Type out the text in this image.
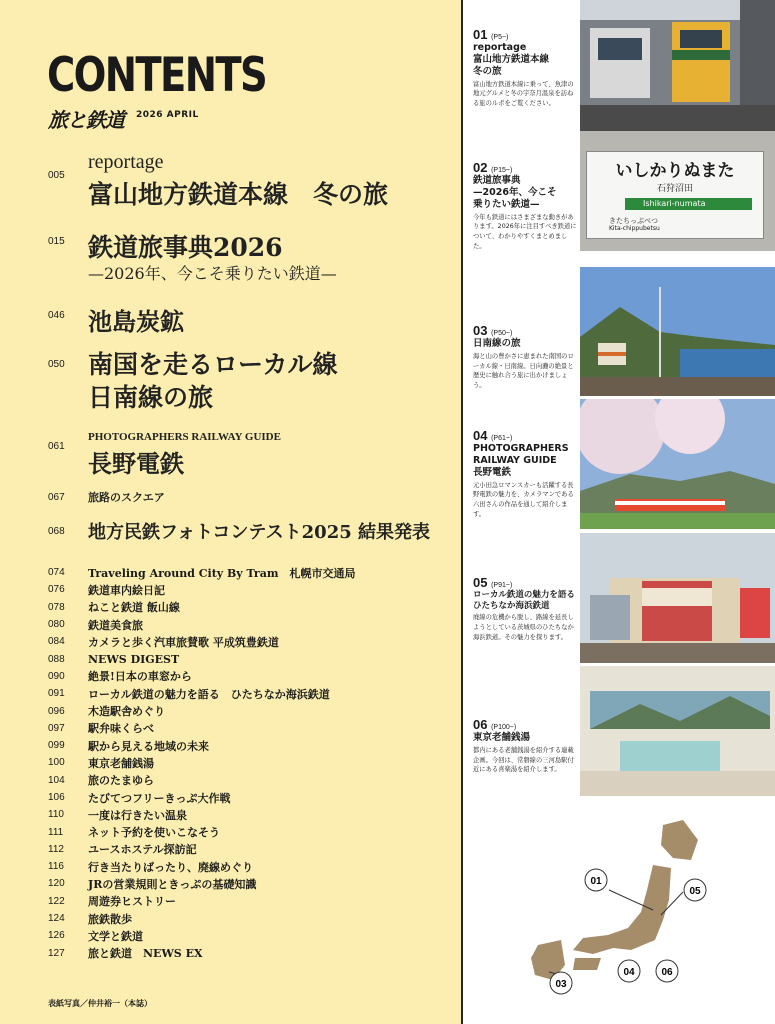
CONTENTS
旅と鉄道 2026 APRIL
005
reportage
富山地方鉄道本線　冬の旅
015 鉄道旅事典2026
—2026年、今こそ乗りたい鉄道—
046 池島炭鉱
050 南国を走るローカル線
日南線の旅
061
PHOTOGRAPHERS RAILWAY GUIDE
長野電鉄
067 旅路のスクエア
068 地方民鉄フォトコンテスト2025 結果発表
074	Traveling Around City By Tram　札幌市交通局
076	鉄道車内絵日記
078	ねこと鉄道 飯山線
080	鉄道美食旅
084	カメラと歩く汽車旅賛歌 平成筑豊鉄道
088	NEWS DIGEST
090	絶景!日本の車窓から
091	ローカル鉄道の魅力を語る　ひたちなか海浜鉄道
096	木造駅舎めぐり
097	駅弁味くらべ
099	駅から見える地域の未来
100	東京老舗銭湯
104	旅のたまゆら
106	たびてつフリーきっぷ大作戦
110	一度は行きたい温泉
111	ネット予約を使いこなそう
112	ユースホステル探訪記
116	行き当たりばったり、廃線めぐり
120	JRの営業規則ときっぷの基礎知識
122	周遊券ヒストリー
124	旅鉄散歩
126	文学と鉄道
127	旅と鉄道　NEWS EX
表紙写真／仲井裕一（本誌）
いしかりぬまた
石狩沼田
Ishikari-numata
きたちっぷべつ
Kita-chippubetsu
01 (P5~)
reportage
富山地方鉄道本線
冬の旅
富山地方鉄道本線に乗って、魚津の地元グルメと冬の宇奈月温泉を訪ねる旅のルポをご覧ください。
02 (P15~)
鉄道旅事典
—2026年、今こそ
乗りたい鉄道—
今年も鉄道にはさまざまな動きがあります。2026年に注目すべき鉄道について、わかりやすくまとめました。
03 (P50~)
日南線の旅
海と山の豊かさに恵まれた南国のローカル線・日南線。日向灘の絶景と歴史に触れ合う旅に出かけましょう。
04 (P61~)
PHOTOGRAPHERS
RAILWAY GUIDE
長野電鉄
元小田急ロマンスカーも活躍する長野電鉄の魅力を、カメラマンである六田さんの作品を通して紹介します。
05 (P91~)
ローカル鉄道の魅力を語る
ひたちなか海浜鉄道
廃線の危機から脱し、路線を延長しようとしている茨城県のひたちなか海浜鉄道。その魅力を探ります。
06 (P100~)
東京老舗銭湯
都内にある老舗銭湯を紹介する連載企画。今回は、常磐線の三河島駅付近にある喜楽湯を紹介します。
01
05
03
04	06
